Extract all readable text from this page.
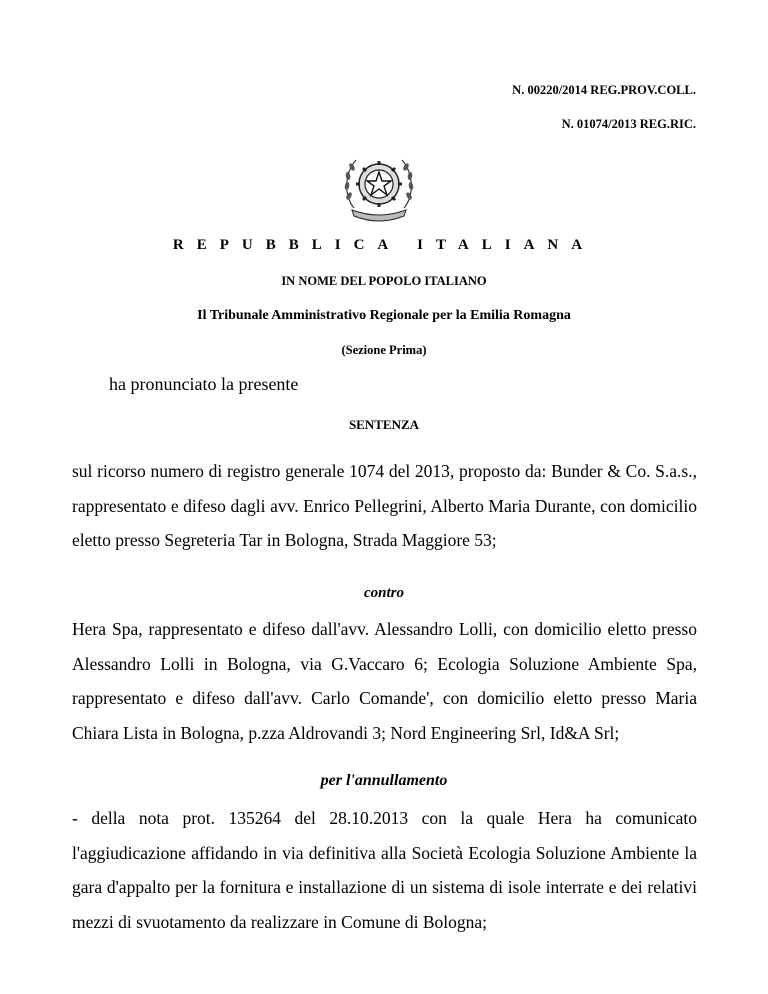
N. 00220/2014 REG.PROV.COLL.
N. 01074/2013 REG.RIC.
REPUBBLICA ITALIANA
IN NOME DEL POPOLO ITALIANO
Il Tribunale Amministrativo Regionale per la Emilia Romagna
(Sezione Prima)
ha pronunciato la presente
SENTENZA
sul ricorso numero di registro generale 1074 del 2013, proposto da: Bunder & Co. S.a.s., rappresentato e difeso dagli avv. Enrico Pellegrini, Alberto Maria Durante, con domicilio eletto presso Segreteria Tar in Bologna, Strada Maggiore 53;
contro
Hera Spa, rappresentato e difeso dall'avv. Alessandro Lolli, con domicilio eletto presso Alessandro Lolli in Bologna, via G.Vaccaro 6; Ecologia Soluzione Ambiente Spa, rappresentato e difeso dall'avv. Carlo Comande', con domicilio eletto presso Maria Chiara Lista in Bologna, p.zza Aldrovandi 3; Nord Engineering Srl, Id&A Srl;
per l'annullamento
- della nota prot. 135264 del 28.10.2013 con la quale Hera ha comunicato l'aggiudicazione affidando in via definitiva alla Società Ecologia Soluzione Ambiente la gara d'appalto per la fornitura e installazione di un sistema di isole interrate e dei relativi mezzi di svuotamento da realizzare in Comune di Bologna;
